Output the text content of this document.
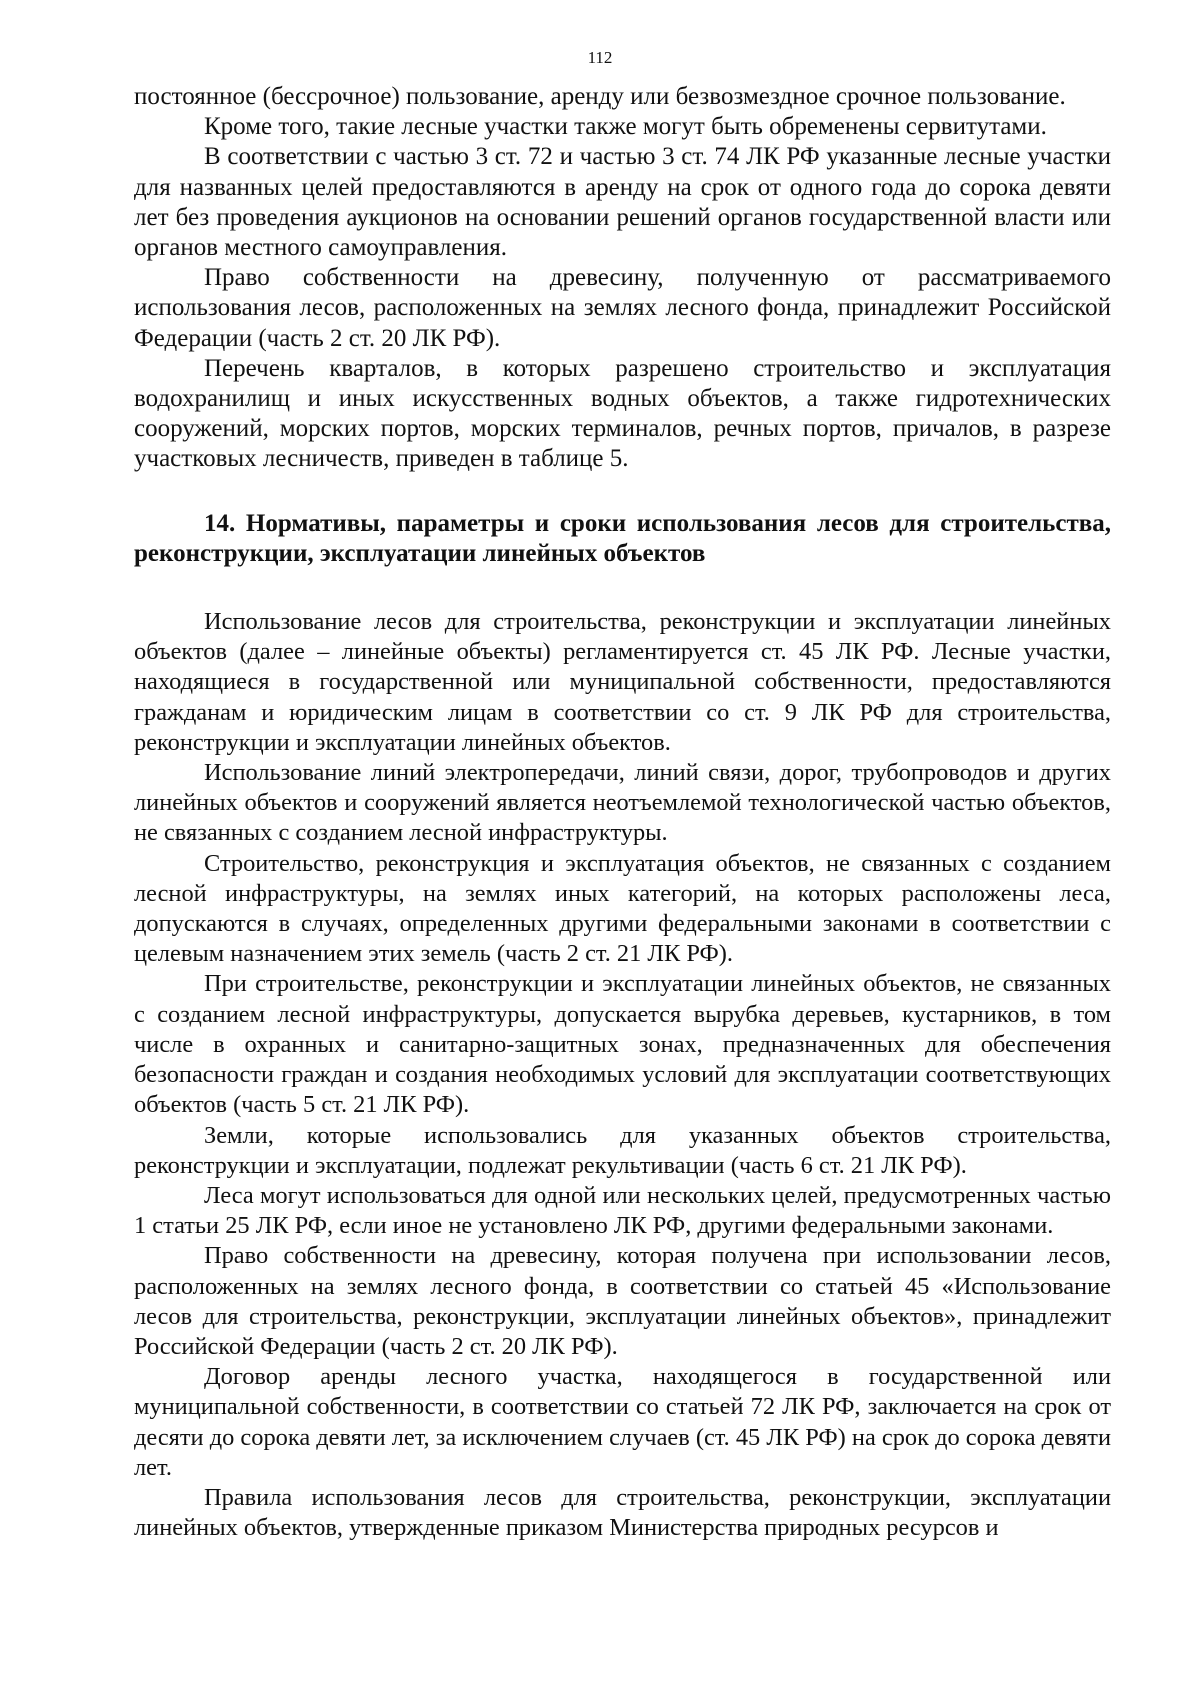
112

постоянное (бессрочное) пользование, аренду или безвозмездное срочное пользование.

Кроме того, такие лесные участки также могут быть обременены сервитутами.

В соответствии с частью 3 ст. 72 и частью 3 ст. 74 ЛК РФ указанные лесные участки для названных целей предоставляются в аренду на срок от одного года до сорока девяти лет без проведения аукционов на основании решений органов государственной власти или органов местного самоуправления.

Право собственности на древесину, полученную от рассматриваемого использования лесов, расположенных на землях лесного фонда, принадлежит Российской Федерации (часть 2 ст. 20 ЛК РФ).

Перечень кварталов, в которых разрешено строительство и эксплуатация водохранилищ и иных искусственных водных объектов, а также гидротехнических сооружений, морских портов, морских терминалов, речных портов, причалов, в разрезе участковых лесничеств, приведен в таблице 5.

14. Нормативы, параметры и сроки использования лесов для строительства, реконструкции, эксплуатации линейных объектов

Использование лесов для строительства, реконструкции и эксплуатации линейных объектов (далее – линейные объекты) регламентируется ст. 45 ЛК РФ. Лесные участки, находящиеся в государственной или муниципальной собственности, предоставляются гражданам и юридическим лицам в соответствии со ст. 9 ЛК РФ для строительства, реконструкции и эксплуатации линейных объектов.

Использование линий электропередачи, линий связи, дорог, трубопроводов и других линейных объектов и сооружений является неотъемлемой технологической частью объектов, не связанных с созданием лесной инфраструктуры.

Строительство, реконструкция и эксплуатация объектов, не связанных с созданием лесной инфраструктуры, на землях иных категорий, на которых расположены леса, допускаются в случаях, определенных другими федеральными законами в соответствии с целевым назначением этих земель (часть 2 ст. 21 ЛК РФ).

При строительстве, реконструкции и эксплуатации линейных объектов, не связанных с созданием лесной инфраструктуры, допускается вырубка деревьев, кустарников, в том числе в охранных и санитарно-защитных зонах, предназначенных для обеспечения безопасности граждан и создания необходимых условий для эксплуатации соответствующих объектов (часть 5 ст. 21 ЛК РФ).

Земли, которые использовались для указанных объектов строительства, реконструкции и эксплуатации, подлежат рекультивации (часть 6 ст. 21 ЛК РФ).

Леса могут использоваться для одной или нескольких целей, предусмотренных частью 1 статьи 25 ЛК РФ, если иное не установлено ЛК РФ, другими федеральными законами.

Право собственности на древесину, которая получена при использовании лесов, расположенных на землях лесного фонда, в соответствии со статьей 45 «Использование лесов для строительства, реконструкции, эксплуатации линейных объектов», принадлежит Российской Федерации (часть 2 ст. 20 ЛК РФ).

Договор аренды лесного участка, находящегося в государственной или муниципальной собственности, в соответствии со статьей 72 ЛК РФ, заключается на срок от десяти до сорока девяти лет, за исключением случаев (ст. 45 ЛК РФ) на срок до сорока девяти лет.

Правила использования лесов для строительства, реконструкции, эксплуатации линейных объектов, утвержденные приказом Министерства природных ресурсов и
